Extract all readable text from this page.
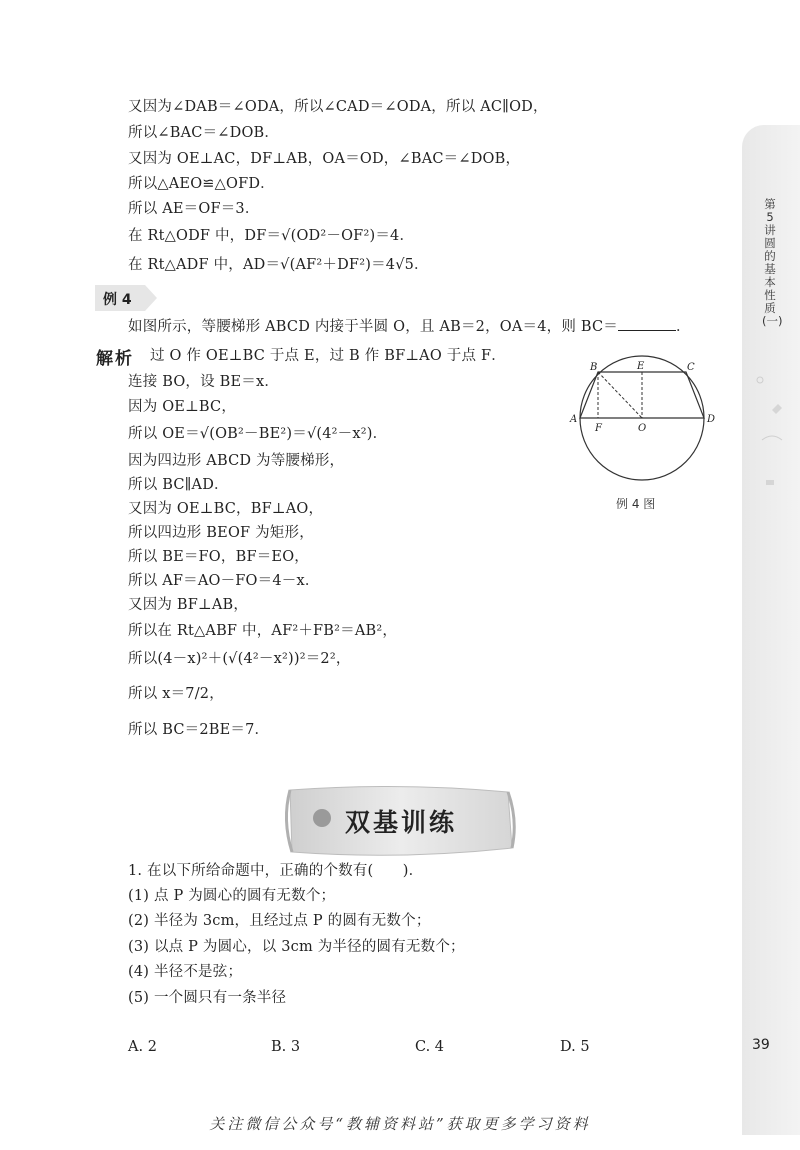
第5讲 圆的基本性质(一)
39
又因为∠DAB＝∠ODA，所以∠CAD＝∠ODA，所以 AC∥OD，
所以∠BAC＝∠DOB．
又因为 OE⊥AC，DF⊥AB，OA＝OD，∠BAC＝∠DOB，
所以△AEO≌△OFD．
所以 AE＝OF＝3．
在 Rt△ODF 中，DF＝√(OD²－OF²)＝4．
在 Rt△ADF 中，AD＝√(AF²＋DF²)＝4√5．
例 4
如图所示，等腰梯形 ABCD 内接于半圆 O，且 AB＝2，OA＝4，则 BC＝	．
解析 过 O 作 OE⊥BC 于点 E，过 B 作 BF⊥AO 于点 F．
连接 BO，设 BE＝x．
因为 OE⊥BC，
所以 OE＝√(OB²－BE²)＝√(4²－x²)．
因为四边形 ABCD 为等腰梯形，
所以 BC∥AD．
又因为 OE⊥BC，BF⊥AO，
所以四边形 BEOF 为矩形，
所以 BE＝FO，BF＝EO，
所以 AF＝AO－FO＝4－x．
又因为 BF⊥AB，
所以在 Rt△ABF 中，AF²＋FB²＝AB²，
所以(4－x)²＋(√(4²－x²))²＝2²，
所以 x＝7/2，
所以 BC＝2BE＝7．
B	C
E
A	D
F	O
例 4 图
双基训练
1. 在以下所给命题中，正确的个数有(　　)．
(1) 点 P 为圆心的圆有无数个；
(2) 半径为 3cm，且经过点 P 的圆有无数个；
(3) 以点 P 为圆心，以 3cm 为半径的圆有无数个；
(4) 半径不是弦；
(5) 一个圆只有一条半径
A. 2	B. 3	C. 4	D. 5
关注微信公众号“教辅资料站”获取更多学习资料
